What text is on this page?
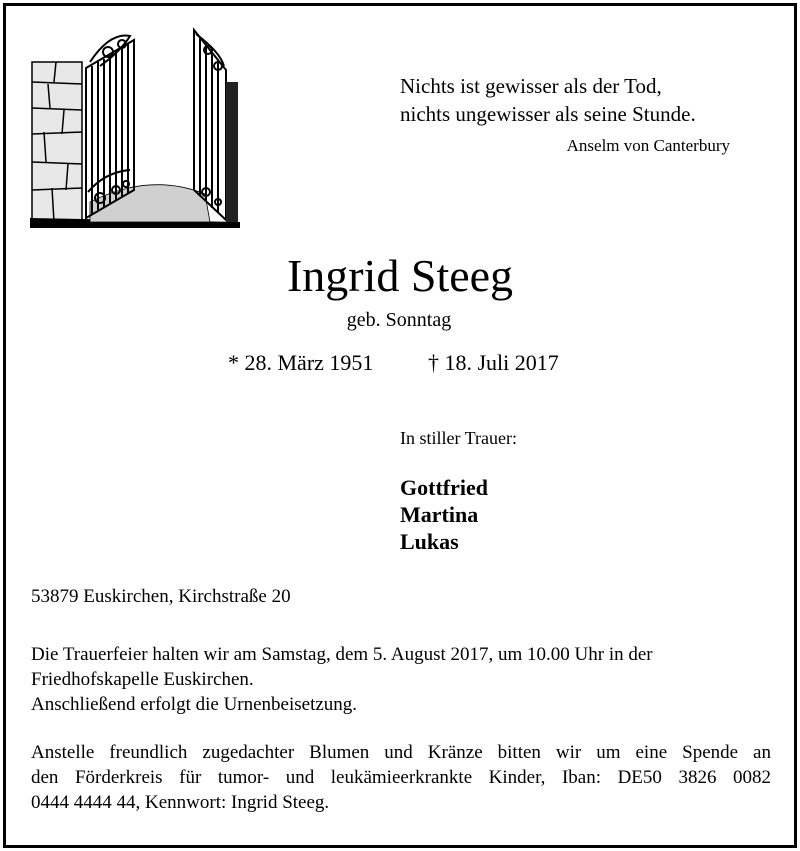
Nichts ist gewisser als der Tod,
nichts ungewisser als seine Stunde.
Anselm von Canterbury
Ingrid Steeg
geb. Sonntag
* 28. März 1951 † 18. Juli 2017
In stiller Trauer:
Gottfried
Martina
Lukas
53879 Euskirchen, Kirchstraße 20
Die Trauerfeier halten wir am Samstag, dem 5. August 2017, um 10.00 Uhr in der
Friedhofskapelle Euskirchen.
Anschließend erfolgt die Urnenbeisetzung.
Anstelle freundlich zugedachter Blumen und Kränze bitten wir um eine Spende an
den Förderkreis für tumor- und leukämieerkrankte Kinder, Iban: DE50 3826 0082
0444 4444 44, Kennwort: Ingrid Steeg.
